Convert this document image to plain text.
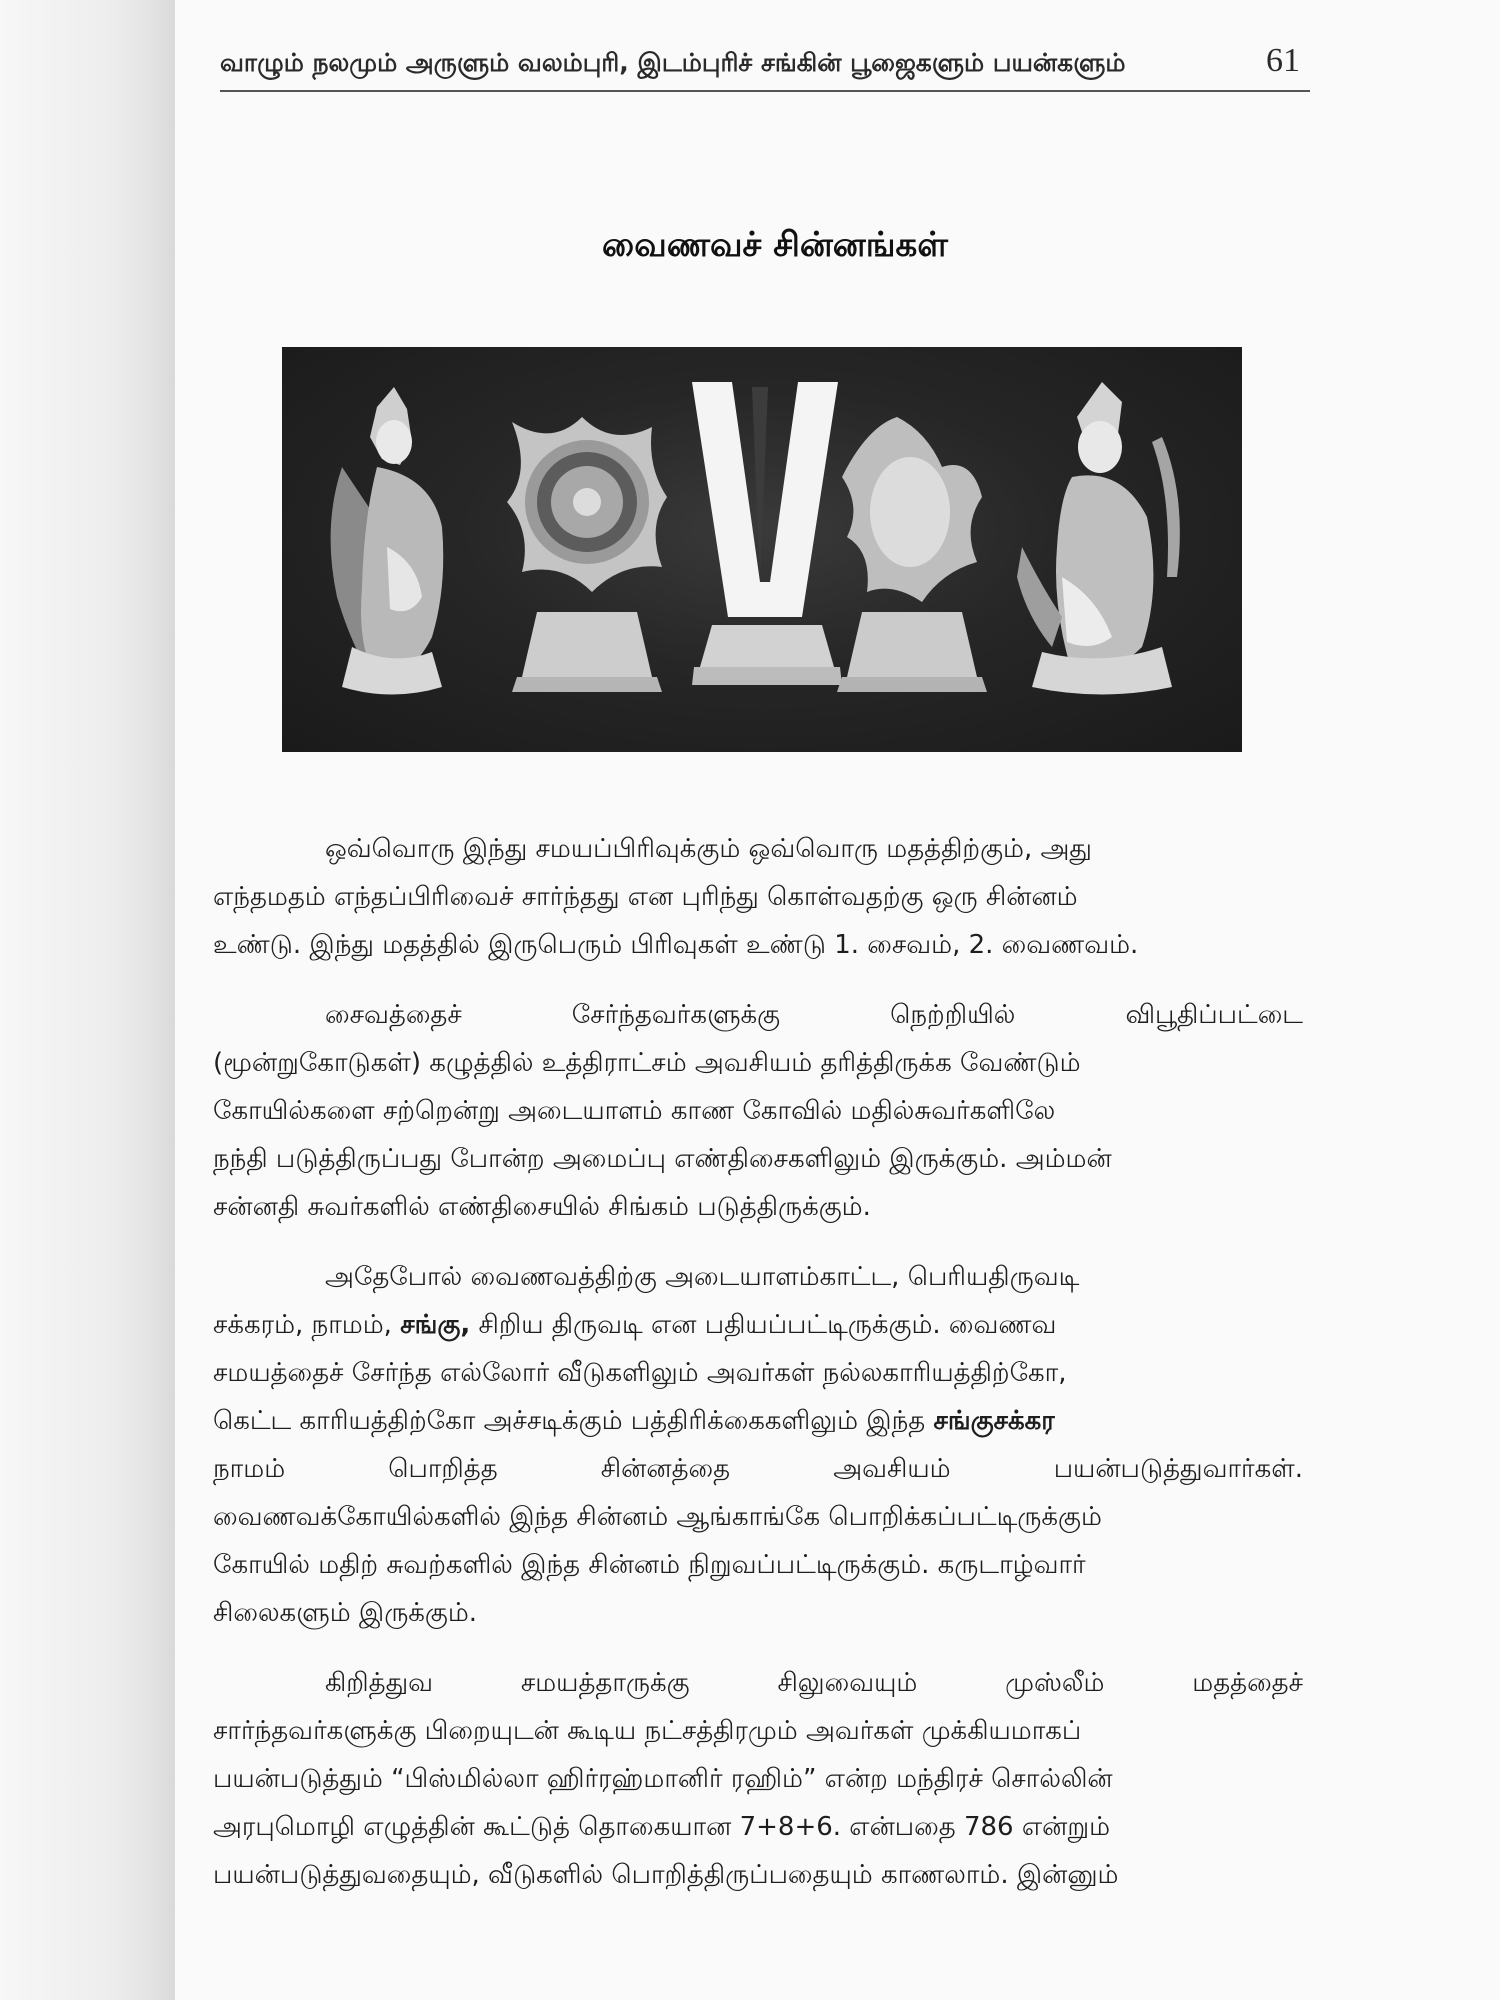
வாழும் நலமும் அருளும் வலம்புரி, இடம்புரிச் சங்கின் பூஜைகளும் பயன்களும்	61
வைணவச் சின்னங்கள்
ஒவ்வொரு இந்து சமயப்பிரிவுக்கும் ஒவ்வொரு மதத்திற்கும், அது
எந்தமதம் எந்தப்பிரிவைச் சார்ந்தது என புரிந்து கொள்வதற்கு ஒரு சின்னம்
உண்டு. இந்து மதத்தில் இருபெரும் பிரிவுகள் உண்டு 1. சைவம், 2. வைணவம்.
சைவத்தைச் சேர்ந்தவர்களுக்கு நெற்றியில் விபூதிப்பட்டை
(மூன்றுகோடுகள்) கழுத்தில் உத்திராட்சம் அவசியம் தரித்திருக்க வேண்டும்
கோயில்களை சற்றென்று அடையாளம் காண கோவில் மதில்சுவர்களிலே
நந்தி படுத்திருப்பது போன்ற அமைப்பு எண்திசைகளிலும் இருக்கும். அம்மன்
சன்னதி சுவர்களில் எண்திசையில் சிங்கம் படுத்திருக்கும்.
அதேபோல் வைணவத்திற்கு அடையாளம்காட்ட, பெரியதிருவடி
சக்கரம், நாமம், சங்கு, சிறிய திருவடி என பதியப்பட்டிருக்கும். வைணவ
சமயத்தைச் சேர்ந்த எல்லோர் வீடுகளிலும் அவர்கள் நல்லகாரியத்திற்கோ,
கெட்ட காரியத்திற்கோ அச்சடிக்கும் பத்திரிக்கைகளிலும் இந்த சங்குசக்கர
நாமம் பொறித்த சின்னத்தை அவசியம் பயன்படுத்துவார்கள்.
வைணவக்கோயில்களில் இந்த சின்னம் ஆங்காங்கே பொறிக்கப்பட்டிருக்கும்
கோயில் மதிற் சுவற்களில் இந்த சின்னம் நிறுவப்பட்டிருக்கும். கருடாழ்வார்
சிலைகளும் இருக்கும்.
கிறித்துவ சமயத்தாருக்கு சிலுவையும் முஸ்லீம் மதத்தைச்
சார்ந்தவர்களுக்கு பிறையுடன் கூடிய நட்சத்திரமும் அவர்கள் முக்கியமாகப்
பயன்படுத்தும் “பிஸ்மில்லா ஹிர்ரஹ்மானிர் ரஹிம்” என்ற மந்திரச் சொல்லின்
அரபுமொழி எழுத்தின் கூட்டுத் தொகையான 7+8+6. என்பதை 786 என்றும்
பயன்படுத்துவதையும், வீடுகளில் பொறித்திருப்பதையும் காணலாம். இன்னும்
